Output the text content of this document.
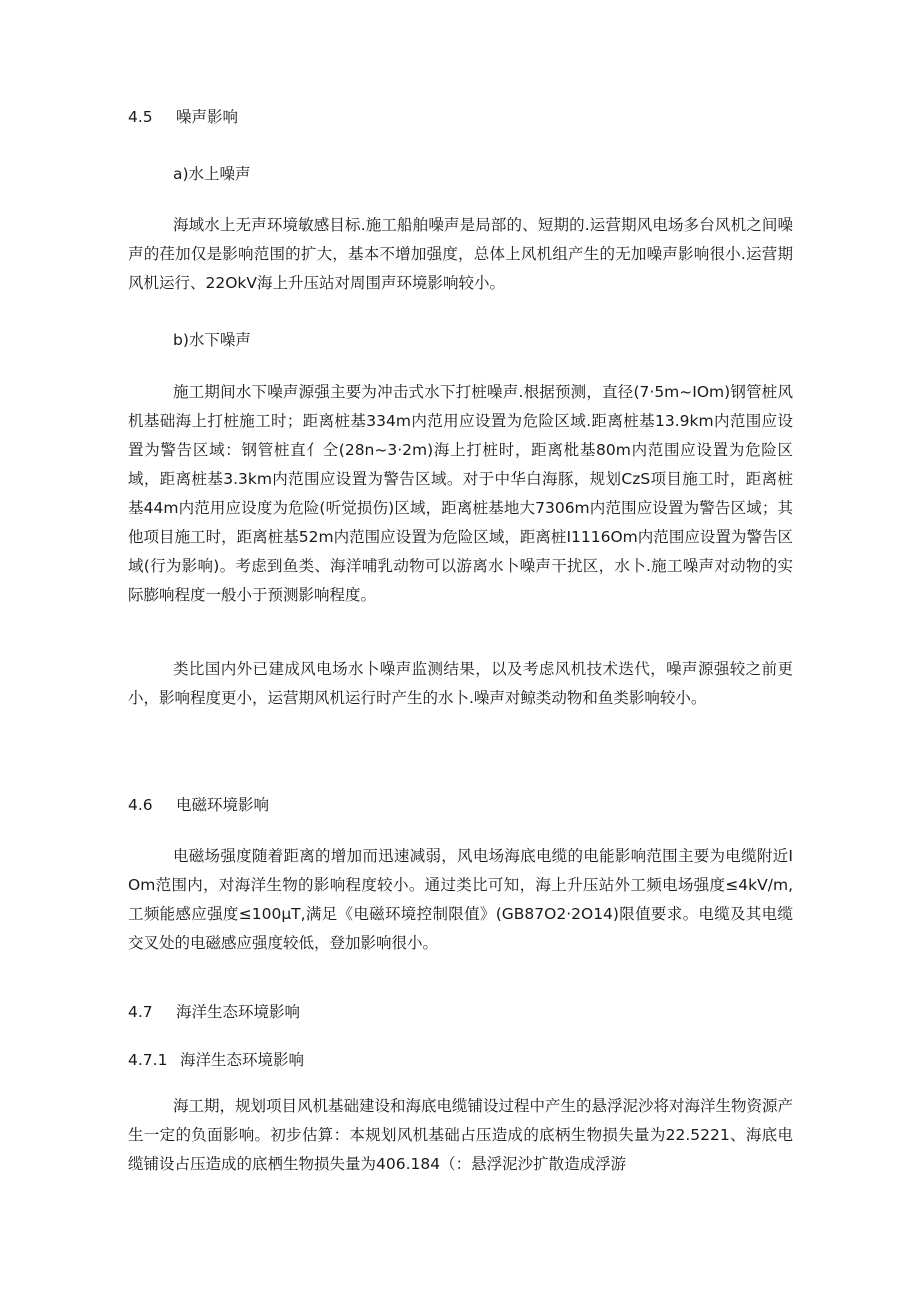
4.5 噪声影响
a)水上噪声

海域水上无声环境敏感目标.施工船舶噪声是局部的、短期的.运营期风电场多台风机之间噪声的荏加仅是影响范围的扩大，基本不增加强度，总体上风机组产生的无加噪声影响很小.运营期风机运行、22OkV海上升压站对周围声环境影响较小。

b)水下噪声

施工期间水下噪声源强主要为冲击式水下打桩噪声.根据预测，直径(7·5m~IOm)钢管桩风机基础海上打桩施工时；距离桩基334m内范用应设置为危险区域.距离桩基13.9km内范围应设置为警告区域：钢管桩直亻仝(28n~3·2m)海上打桩时，距离枇基80m内范围应设置为危险区域，距离桩基3.3km内范围应设置为警告区域。对于中华白海豚，规划CzS项目施工时，距离桩基44m内范用应设度为危险(听觉损伤)区域，距离桩基地大7306m内范围应设置为警告区域；其他项目施工时，距离桩基52m内范围应设置为危险区域，距离桩I1116Om内范围应设置为警告区域(行为影响)。考虑到鱼类、海洋哺乳动物可以游离水卜噪声干扰区，水卜.施工噪声对动物的实际膨响程度一般小于预测影响程度。

类比国内外已建成风电场水卜噪声监测结果，以及考虑风机技术迭代，噪声源强较之前更小，影响程度更小，运营期风机运行时产生的水卜.噪声对鲸类动物和鱼类影响较小。

4.6 电磁环境影响

电磁场强度随着距离的增加而迅速减弱，风电场海底电缆的电能影响范围主要为电缆附近IOm范围内，对海洋生物的影响程度较小。通过类比可知，海上升压站外工频电场强度≤4kV∕m,工频能感应强度≤100μT,满足《电磁环境控制限值》(GB87O2·2O14)限值要求。电缆及其电缆交叉处的电磁感应强度较低，登加影响很小。

4.7 海洋生态环境影响
4.7.1 海洋生态环境影响

海工期，规划项目风机基础建设和海底电缆铺设过程中产生的悬浮泥沙将对海洋生物资源产生一定的负面影响。初步估算：本规划风机基础占压造成的底柄生物损失量为22.5221、海底电缆铺设占压造成的底栖生物损失量为406.184（：悬浮泥沙扩散造成浮游
